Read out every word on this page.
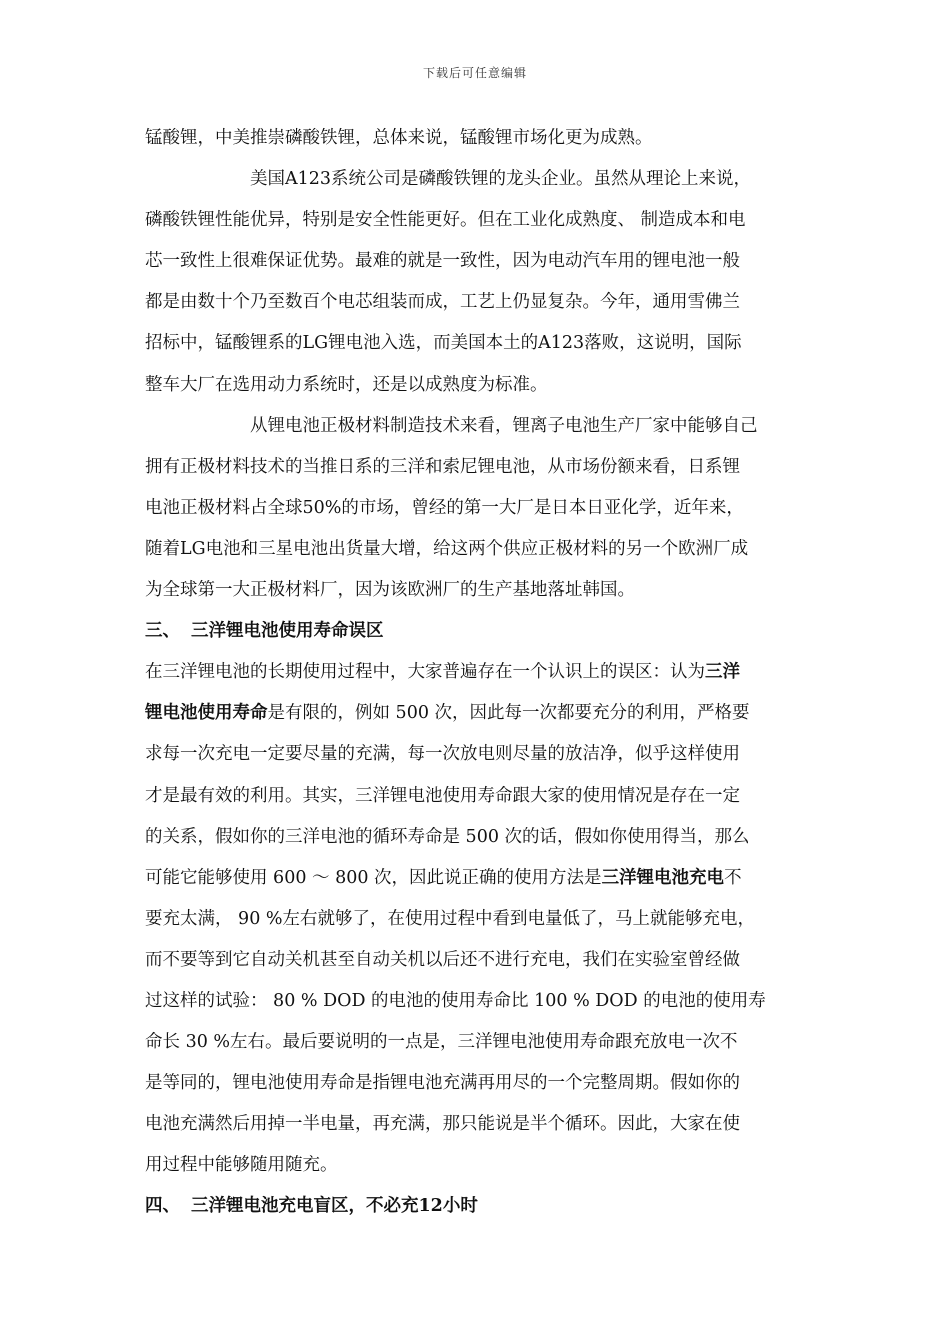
下载后可任意编辑
锰酸锂，中美推崇磷酸铁锂，总体来说，锰酸锂市场化更为成熟。
美国A123系统公司是磷酸铁锂的龙头企业。虽然从理论上来说，
磷酸铁锂性能优异，特别是安全性能更好。但在工业化成熟度、 制造成本和电
芯一致性上很难保证优势。最难的就是一致性，因为电动汽车用的锂电池一般
都是由数十个乃至数百个电芯组装而成，工艺上仍显复杂。今年，通用雪佛兰
招标中，锰酸锂系的LG锂电池入选，而美国本土的A123落败，这说明，国际
整车大厂在选用动力系统时，还是以成熟度为标准。
从锂电池正极材料制造技术来看，锂离子电池生产厂家中能够自己
拥有正极材料技术的当推日系的三洋和索尼锂电池，从市场份额来看，日系锂
电池正极材料占全球50%的市场，曾经的第一大厂是日本日亚化学，近年来，
随着LG电池和三星电池出货量大增，给这两个供应正极材料的另一个欧洲厂成
为全球第一大正极材料厂，因为该欧洲厂的生产基地落址韩国。
三、 三洋锂电池使用寿命误区
在三洋锂电池的长期使用过程中，大家普遍存在一个认识上的误区：认为三洋
锂电池使用寿命是有限的，例如 500 次，因此每一次都要充分的利用，严格要
求每一次充电一定要尽量的充满，每一次放电则尽量的放洁净，似乎这样使用
才是最有效的利用。其实，三洋锂电池使用寿命跟大家的使用情况是存在一定
的关系，假如你的三洋电池的循环寿命是 500 次的话，假如你使用得当，那么
可能它能够使用 600 ～ 800 次，因此说正确的使用方法是三洋锂电池充电不
要充太满， 90 %左右就够了，在使用过程中看到电量低了，马上就能够充电，
而不要等到它自动关机甚至自动关机以后还不进行充电，我们在实验室曾经做
过这样的试验： 80 % DOD 的电池的使用寿命比 100 % DOD 的电池的使用寿
命长 30 %左右。最后要说明的一点是，三洋锂电池使用寿命跟充放电一次不
是等同的，锂电池使用寿命是指锂电池充满再用尽的一个完整周期。假如你的
电池充满然后用掉一半电量，再充满，那只能说是半个循环。因此，大家在使
用过程中能够随用随充。
四、 三洋锂电池充电盲区，不必充12小时
